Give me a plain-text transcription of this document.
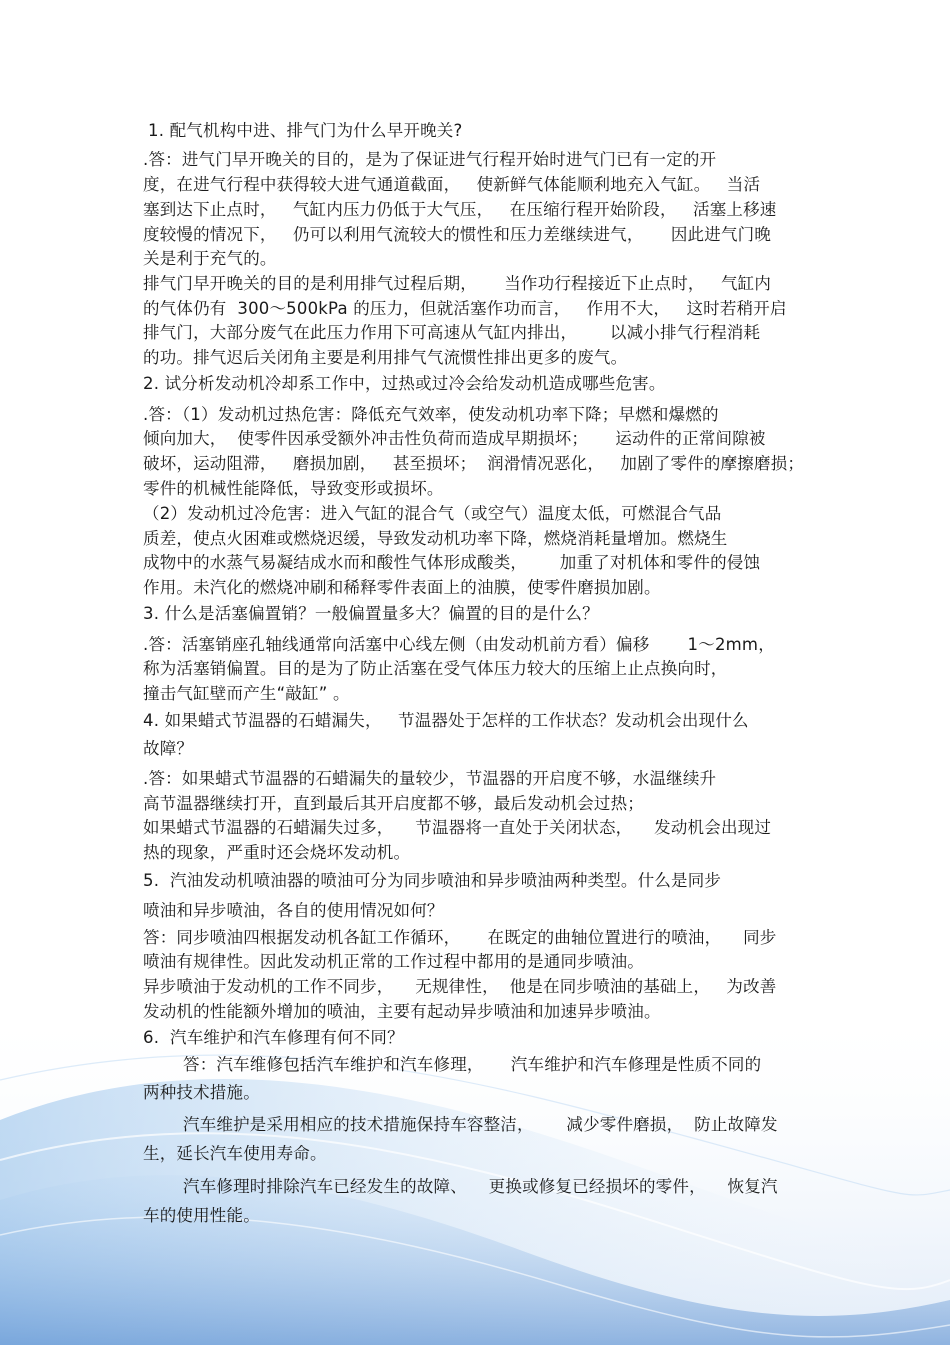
1. 配气机构中进、排气门为什么早开晚关?
.答：进气门早开晚关的目的，是为了保证进气行程开始时进气门已有一定的开
度，在进气行程中获得较大进气通道截面，   使新鲜气体能顺利地充入气缸。   当活
塞到达下止点时，   气缸内压力仍低于大气压，   在压缩行程开始阶段，   活塞上移速
度较慢的情况下，   仍可以利用气流较大的惯性和压力差继续进气，     因此进气门晚
关是利于充气的。
排气门早开晚关的目的是利用排气过程后期，     当作功行程接近下止点时，   气缸内
的气体仍有  300～500kPa 的压力，但就活塞作功而言，   作用不大，   这时若稍开启
排气门，大部分废气在此压力作用下可高速从气缸内排出，      以减小排气行程消耗
的功。排气迟后关闭角主要是利用排气气流惯性排出更多的废气。
2. 试分析发动机冷却系工作中，过热或过冷会给发动机造成哪些危害。
.答：（1）发动机过热危害：降低充气效率，使发动机功率下降；早燃和爆燃的
倾向加大，  使零件因承受额外冲击性负荷而造成早期损坏；     运动件的正常间隙被
破坏，运动阻滞，   磨损加剧，   甚至损坏；  润滑情况恶化，   加剧了零件的摩擦磨损；
零件的机械性能降低，导致变形或损坏。
（2）发动机过冷危害：进入气缸的混合气（或空气）温度太低，可燃混合气品
质差，使点火困难或燃烧迟缓，导致发动机功率下降，燃烧消耗量增加。燃烧生
成物中的水蒸气易凝结成水而和酸性气体形成酸类，      加重了对机体和零件的侵蚀
作用。未汽化的燃烧冲刷和稀释零件表面上的油膜，使零件磨损加剧。
3. 什么是活塞偏置销？一般偏置量多大？偏置的目的是什么？
.答：活塞销座孔轴线通常向活塞中心线左侧（由发动机前方看）偏移       1～2mm，
称为活塞销偏置。目的是为了防止活塞在受气体压力较大的压缩上止点换向时，
撞击气缸壁而产生“敲缸” 。
4. 如果蜡式节温器的石蜡漏失，   节温器处于怎样的工作状态？发动机会出现什么
故障？
.答：如果蜡式节温器的石蜡漏失的量较少，节温器的开启度不够，水温继续升
高节温器继续打开，直到最后其开启度都不够，最后发动机会过热；
如果蜡式节温器的石蜡漏失过多，    节温器将一直处于关闭状态，    发动机会出现过
热的现象，严重时还会烧坏发动机。
5.  汽油发动机喷油器的喷油可分为同步喷油和异步喷油两种类型。什么是同步
喷油和异步喷油，各自的使用情况如何？
答：同步喷油四根据发动机各缸工作循环，     在既定的曲轴位置进行的喷油，    同步
喷油有规律性。因此发动机正常的工作过程中都用的是通同步喷油。
异步喷油于发动机的工作不同步，    无规律性，  他是在同步喷油的基础上，   为改善
发动机的性能额外增加的喷油，主要有起动异步喷油和加速异步喷油。
6.  汽车维护和汽车修理有何不同？
答：汽车维修包括汽车维护和汽车修理，     汽车维护和汽车修理是性质不同的
两种技术措施。
汽车维护是采用相应的技术措施保持车容整洁，      减少零件磨损，  防止故障发
生，延长汽车使用寿命。
汽车修理时排除汽车已经发生的故障、    更换或修复已经损坏的零件，    恢复汽
车的使用性能。
